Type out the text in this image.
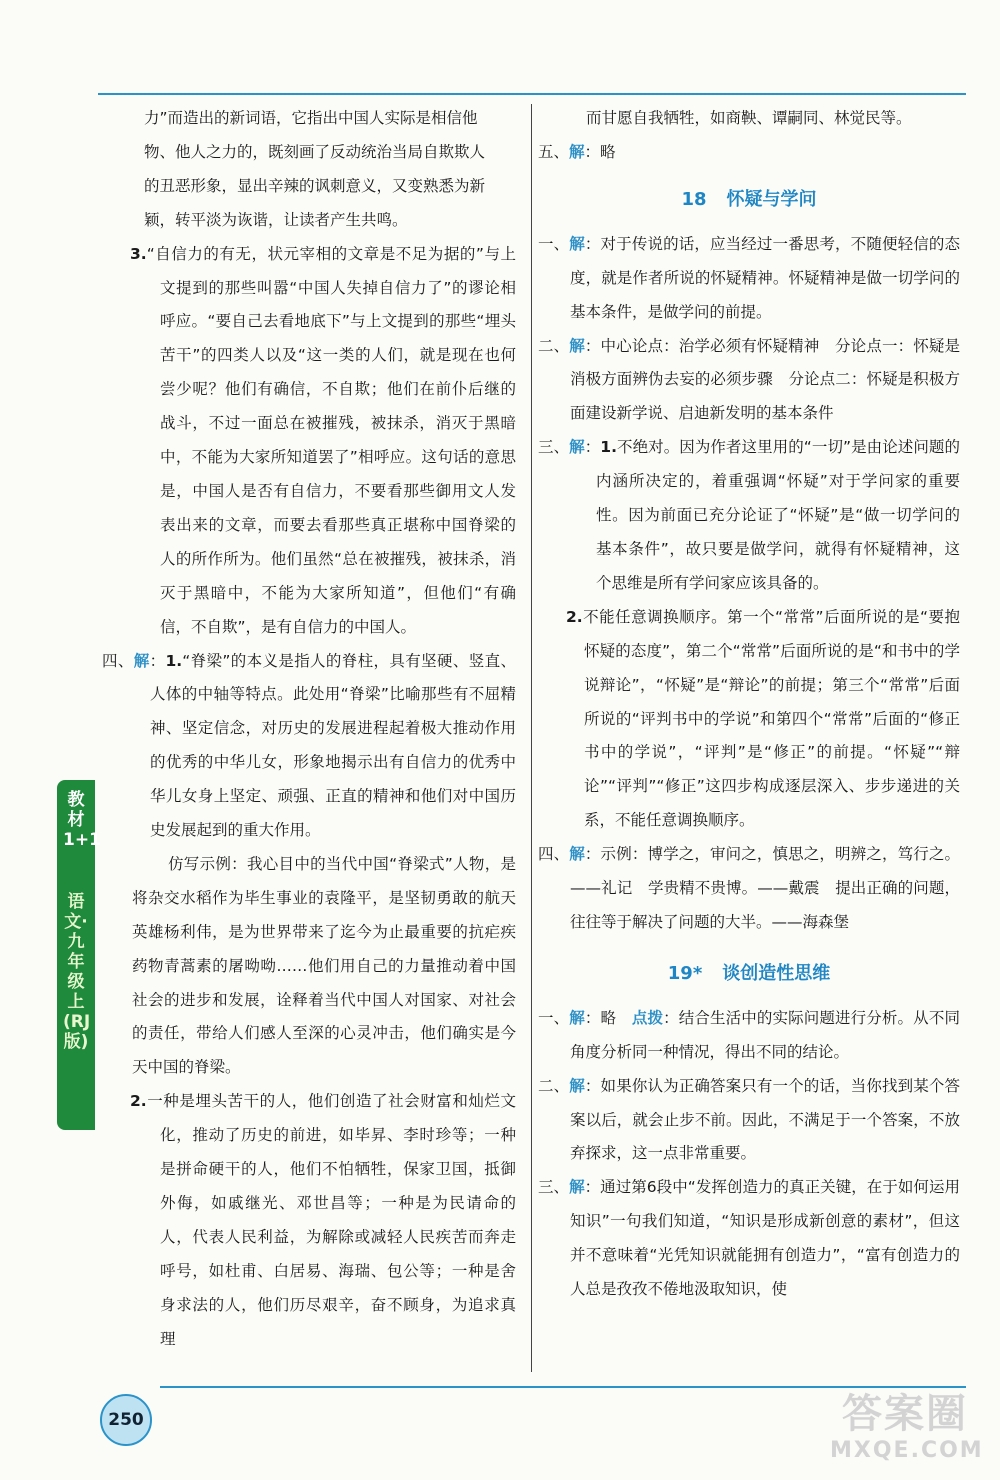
力”而造出的新词语，它指出中国人实际是相信他

物、他人之力的，既刻画了反动统治当局自欺欺人

的丑恶形象，显出辛辣的讽刺意义，又变熟悉为新

颖，转平淡为诙谐，让读者产生共鸣。

3.“自信力的有无，状元宰相的文章是不足为据的”与上文提到的那些叫嚣“中国人失掉自信力了”的谬论相呼应。“要自己去看地底下”与上文提到的那些“埋头苦干”的四类人以及“这一类的人们，就是现在也何尝少呢？他们有确信，不自欺；他们在前仆后继的战斗，不过一面总在被摧残，被抹杀，消灭于黑暗中，不能为大家所知道罢了”相呼应。这句话的意思是，中国人是否有自信力，不要看那些御用文人发表出来的文章，而要去看那些真正堪称中国脊梁的人的所作所为。他们虽然“总在被摧残，被抹杀，消灭于黑暗中，不能为大家所知道”，但他们“有确信，不自欺”，是有自信力的中国人。

四、解：1.“脊梁”的本义是指人的脊柱，具有坚硬、竖直、人体的中轴等特点。此处用“脊梁”比喻那些有不屈精神、坚定信念，对历史的发展进程起着极大推动作用的优秀的中华儿女，形象地揭示出有自信力的优秀中华儿女身上坚定、顽强、正直的精神和他们对中国历史发展起到的重大作用。

仿写示例：我心目中的当代中国“脊梁式”人物，是将杂交水稻作为毕生事业的袁隆平，是坚韧勇敢的航天英雄杨利伟，是为世界带来了迄今为止最重要的抗疟疾药物青蒿素的屠呦呦……他们用自己的力量推动着中国社会的进步和发展，诠释着当代中国人对国家、对社会的责任，带给人们感人至深的心灵冲击，他们确实是今天中国的脊梁。

2.一种是埋头苦干的人，他们创造了社会财富和灿烂文化，推动了历史的前进，如毕昇、李时珍等；一种是拼命硬干的人，他们不怕牺牲，保家卫国，抵御外侮，如戚继光、邓世昌等；一种是为民请命的人，代表人民利益，为解除或减轻人民疾苦而奔走呼号，如杜甫、白居易、海瑞、包公等；一种是舍身求法的人，他们历尽艰辛，奋不顾身，为追求真理

而甘愿自我牺牲，如商鞅、谭嗣同、林觉民等。

五、解：略

18 怀疑与学问

一、解：对于传说的话，应当经过一番思考，不随便轻信的态度，就是作者所说的怀疑精神。怀疑精神是做一切学问的基本条件，是做学问的前提。

二、解：中心论点：治学必须有怀疑精神　分论点一：怀疑是消极方面辨伪去妄的必须步骤　分论点二：怀疑是积极方面建设新学说、启迪新发明的基本条件

三、解：1.不绝对。因为作者这里用的“一切”是由论述问题的内涵所决定的，着重强调“怀疑”对于学问家的重要性。因为前面已充分论证了“怀疑”是“做一切学问的基本条件”，故只要是做学问，就得有怀疑精神，这个思维是所有学问家应该具备的。

2.不能任意调换顺序。第一个“常常”后面所说的是“要抱怀疑的态度”，第二个“常常”后面所说的是“和书中的学说辩论”，“怀疑”是“辩论”的前提；第三个“常常”后面所说的“评判书中的学说”和第四个“常常”后面的“修正书中的学说”，“评判”是“修正”的前提。“怀疑”“辩论”“评判”“修正”这四步构成逐层深入、步步递进的关系，不能任意调换顺序。

四、解：示例：博学之，审问之，慎思之，明辨之，笃行之。——礼记　学贵精不贵博。——戴震　提出正确的问题，往往等于解决了问题的大半。——海森堡

19* 谈创造性思维

一、解：略　点拨：结合生活中的实际问题进行分析。从不同角度分析同一种情况，得出不同的结论。

二、解：如果你认为正确答案只有一个的话，当你找到某个答案以后，就会止步不前。因此，不满足于一个答案，不放弃探求，这一点非常重要。

三、解：通过第6段中“发挥创造力的真正关键，在于如何运用知识”一句我们知道，“知识是形成新创意的素材”，但这并不意味着“光凭知识就能拥有创造力”，“富有创造力的人总是孜孜不倦地汲取知识，使

教材1+1
语文·九年级上(RJ版)
250	答案圈
MXQE.COM
